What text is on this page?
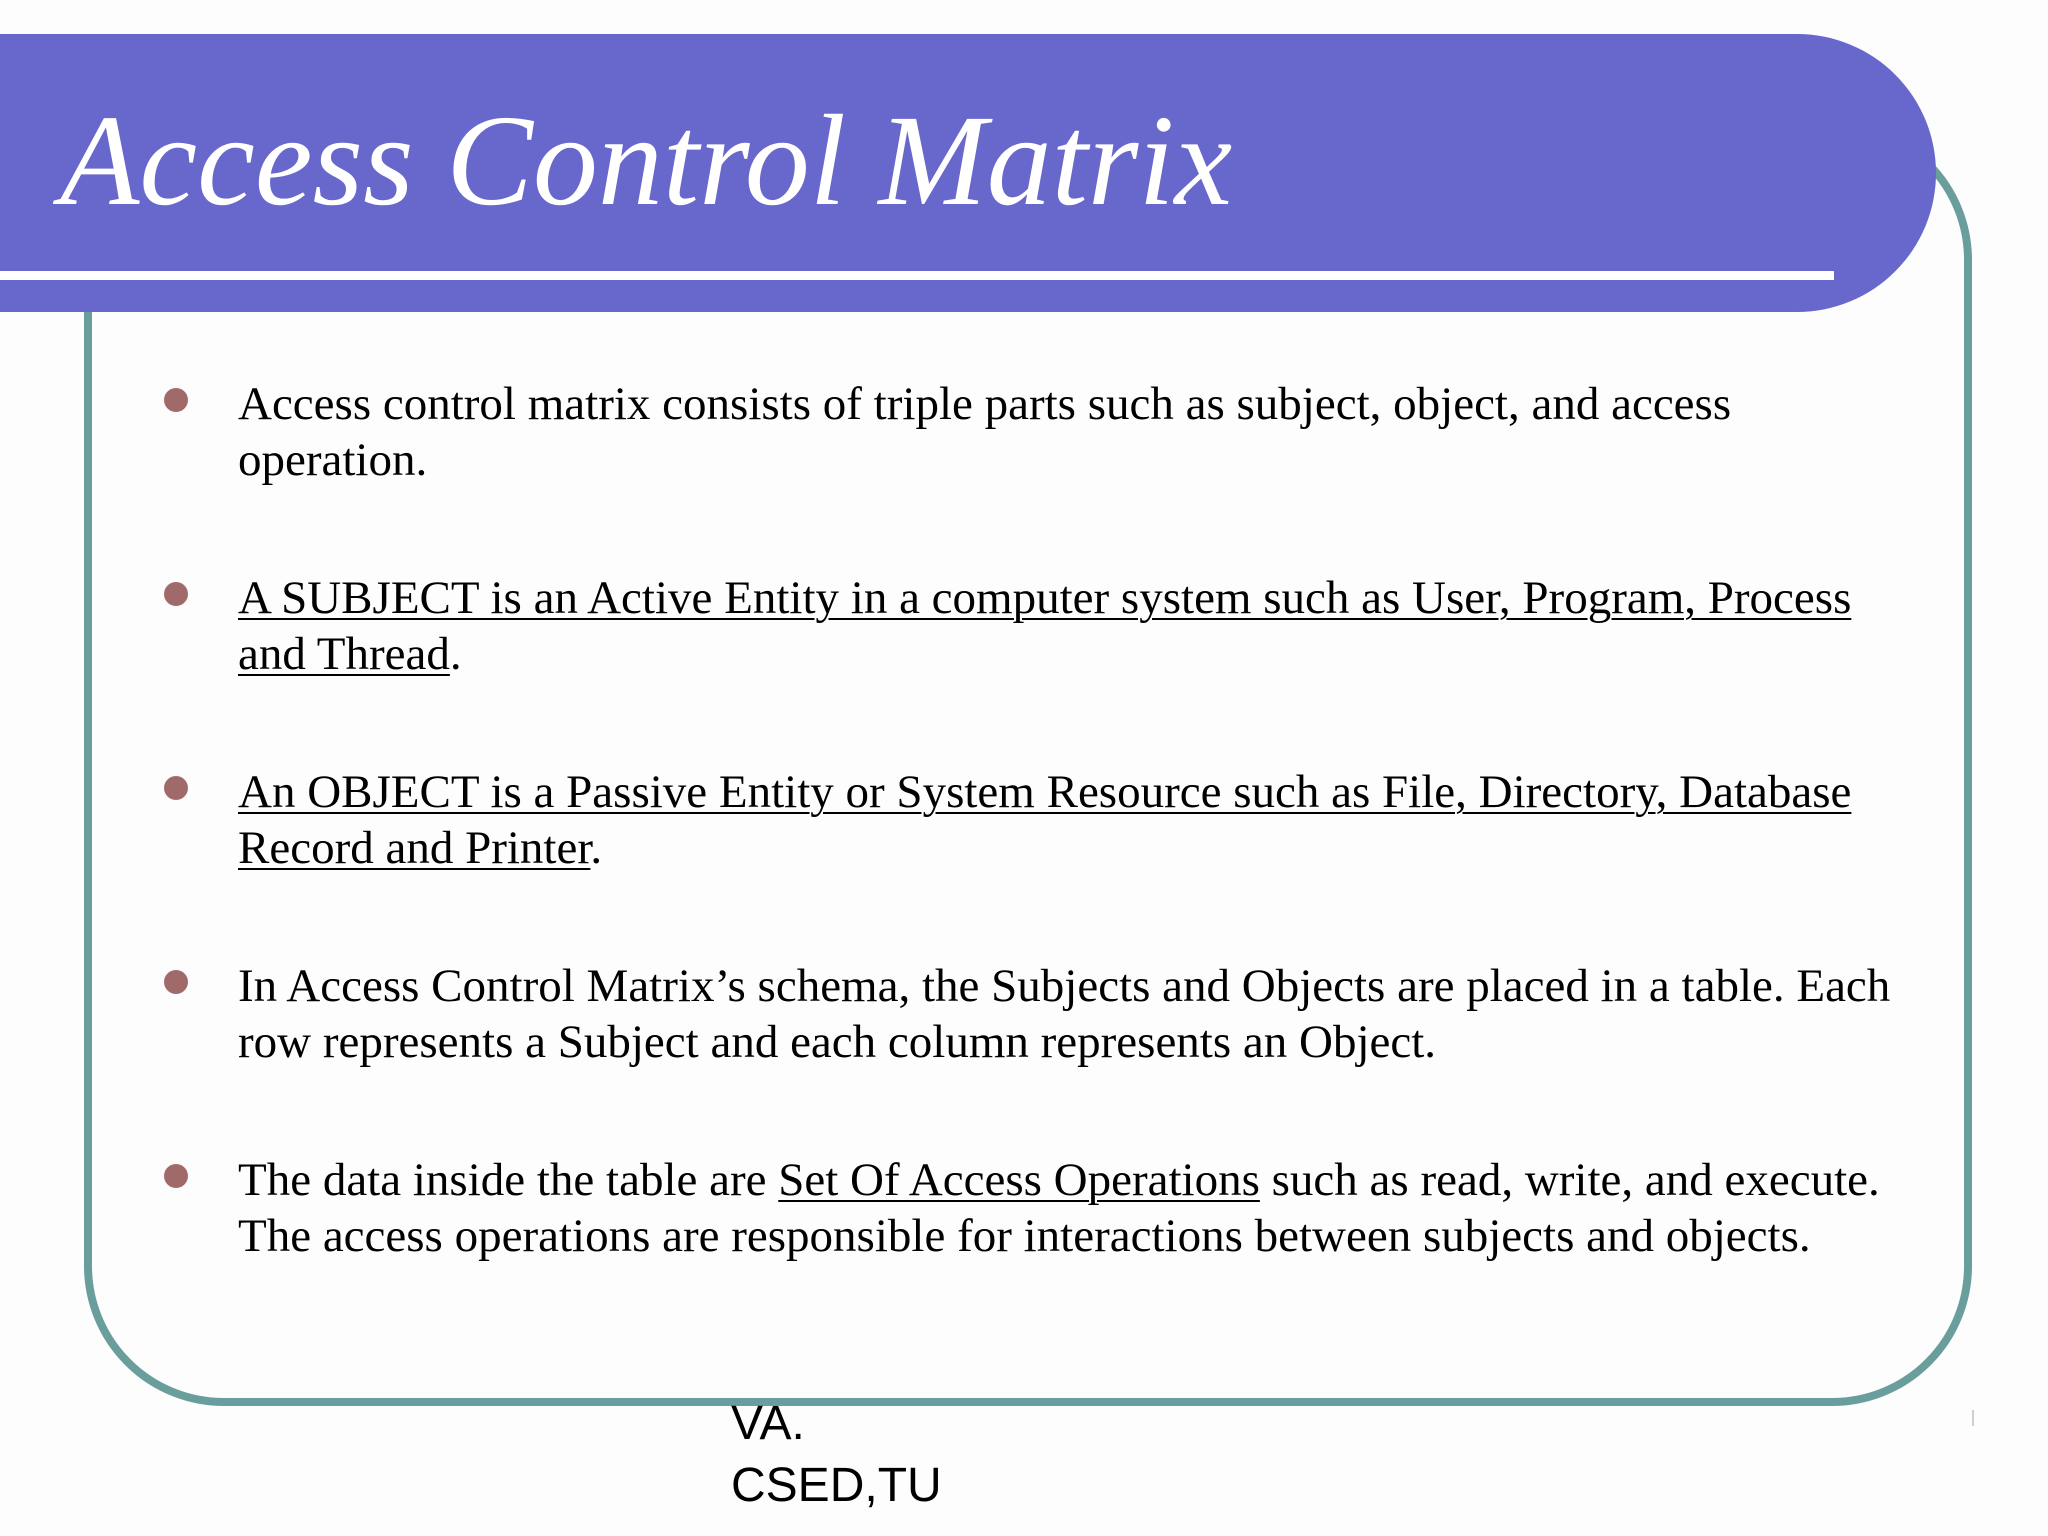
Access Control Matrix
Access control matrix consists of triple parts such as subject, object, and access operation.
A SUBJECT is an Active Entity in a computer system such as User, Program, Process and Thread.
An OBJECT is a Passive Entity or System Resource such as File, Directory, Database Record and Printer.
In Access Control Matrix’s schema, the Subjects and Objects are placed in a table. Each row represents a Subject and each column represents an Object.
The data inside the table are Set Of Access Operations such as read, write, and execute. The access operations are responsible for interactions between subjects and objects.
VA.
CSED,TU
